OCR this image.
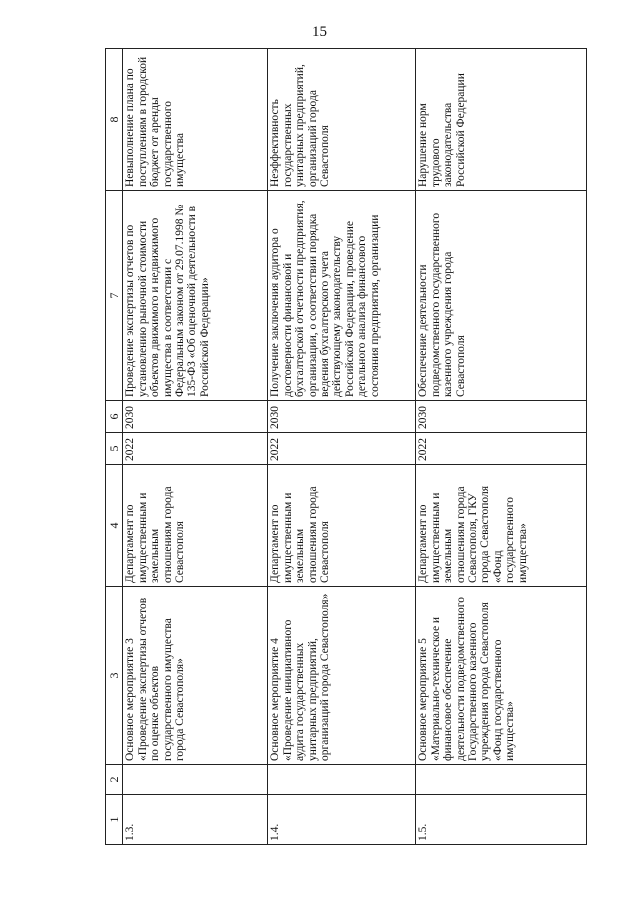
15
1	2	3	4	5	6	7	8
1.3.		Основное мероприятие 3 «Проведение экспертизы отчетов по оценке объектов государственного имущества города Севастополя»	Департамент по имущественным и земельным отношениям города Севастополя	2022	2030	Проведение экспертизы отчетов по установлению рыночной стоимости объектов движимого и недвижимого имущества в соответствии с Федеральным законом от 29.07.1998 № 135-ФЗ «Об оценочной деятельности в Российской Федерации»	Невыполнение плана по поступлениям в городской бюджет от аренды государственного имущества
1.4.		Основное мероприятие 4 «Проведение инициативного аудита государственных унитарных предприятий, организаций города Севастополя»	Департамент по имущественным и земельным отношениям города Севастополя	2022	2030	Получение заключения аудитора о достоверности финансовой и бухгалтерской отчетности предприятия, организации, о соответствии порядка ведения бухгалтерского учета действующему законодательству Российской Федерации, проведение детального анализа финансового состояния предприятия, организации	Неэффективность государственных унитарных предприятий, организаций города Севастополя
1.5.		Основное мероприятие 5 «Материально-техническое и финансовое обеспечение деятельности подведомственного Государственного казенного учреждения города Севастополя «Фонд государственного имущества»	Департамент по имущественным и земельным отношениям города Севастополя, ГКУ города Севастополя «Фонд государственного имущества»	2022	2030	Обеспечение деятельности подведомственного государственного казенного учреждения города Севастополя	Нарушение норм трудового законодательства Российской Федерации
